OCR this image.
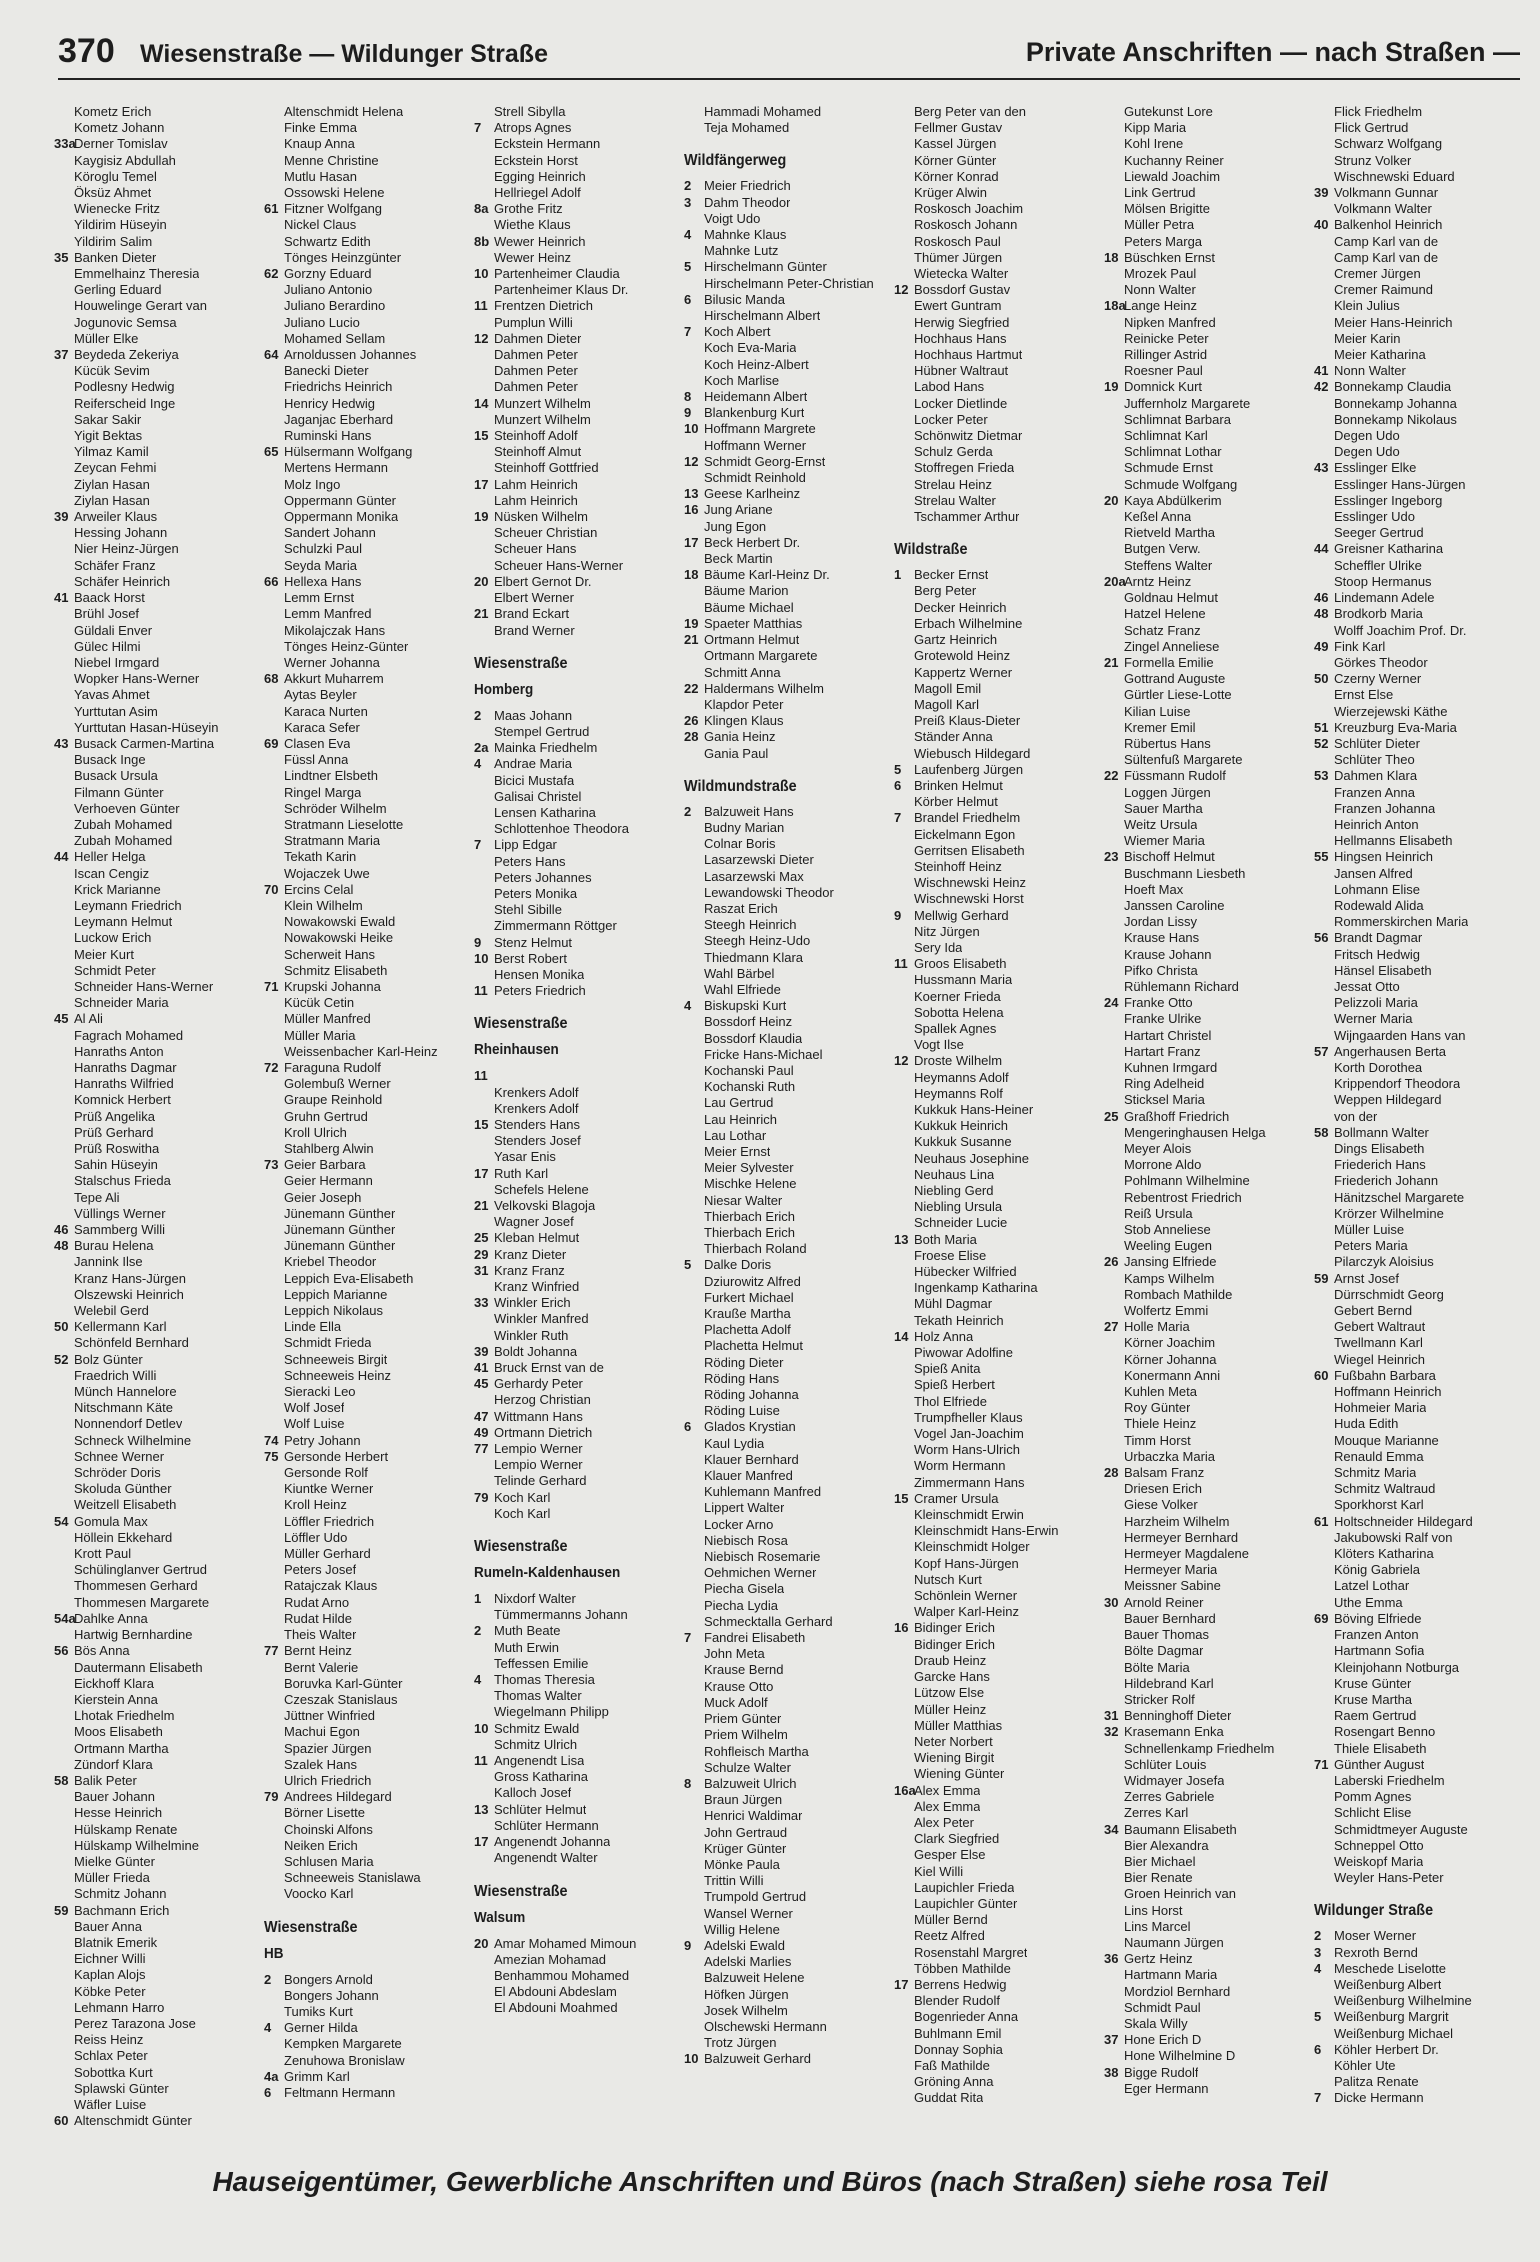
370 Wiesenstraße — Wildunger Straße	Private Anschriften — nach Straßen —
Kometz Erich
Kometz Johann
33a
Derner Tomislav
Kaygisiz Abdullah
Köroglu Temel
Öksüz Ahmet
Wienecke Fritz
Yildirim Hüseyin
Yildirim Salim
35 Banken Dieter
Emmelhainz Theresia
Gerling Eduard
Houwelinge Gerart van
Jogunovic Semsa
Müller Elke
37 Beydeda Zekeriya
Kücük Sevim
Podlesny Hedwig
Reiferscheid Inge
Sakar Sakir
Yigit Bektas
Yilmaz Kamil
Zeycan Fehmi
Ziylan Hasan
Ziylan Hasan
39 Arweiler Klaus
Hessing Johann
Nier Heinz-Jürgen
Schäfer Franz
Schäfer Heinrich
41 Baack Horst
Brühl Josef
Güldali Enver
Gülec Hilmi
Niebel Irmgard
Wopker Hans-Werner
Yavas Ahmet
Yurttutan Asim
Yurttutan Hasan-Hüseyin
43 Busack Carmen-Martina
Busack Inge
Busack Ursula
Filmann Günter
Verhoeven Günter
Zubah Mohamed
Zubah Mohamed
44 Heller Helga
Iscan Cengiz
Krick Marianne
Leymann Friedrich
Leymann Helmut
Luckow Erich
Meier Kurt
Schmidt Peter
Schneider Hans-Werner
Schneider Maria
45 Al Ali
Fagrach Mohamed
Hanraths Anton
Hanraths Dagmar
Hanraths Wilfried
Komnick Herbert
Prüß Angelika
Prüß Gerhard
Prüß Roswitha
Sahin Hüseyin
Stalschus Frieda
Tepe Ali
Vüllings Werner
46 Sammberg Willi
48 Burau Helena
Jannink Ilse
Kranz Hans-Jürgen
Olszewski Heinrich
Welebil Gerd
50 Kellermann Karl
Schönfeld Bernhard
52 Bolz Günter
Fraedrich Willi
Münch Hannelore
Nitschmann Käte
Nonnendorf Detlev
Schneck Wilhelmine
Schnee Werner
Schröder Doris
Skoluda Günther
Weitzell Elisabeth
54 Gomula Max
Höllein Ekkehard
Krott Paul
Schülinglanver Gertrud
Thommesen Gerhard
Thommesen Margarete
54a
Dahlke Anna
Hartwig Bernhardine
56 Bös Anna
Dautermann Elisabeth
Eickhoff Klara
Kierstein Anna
Lhotak Friedhelm
Moos Elisabeth
Ortmann Martha
Zündorf Klara
58 Balik Peter
Bauer Johann
Hesse Heinrich
Hülskamp Renate
Hülskamp Wilhelmine
Mielke Günter
Müller Frieda
Schmitz Johann
59 Bachmann Erich
Bauer Anna
Blatnik Emerik
Eichner Willi
Kaplan Alojs
Köbke Peter
Lehmann Harro
Perez Tarazona Jose
Reiss Heinz
Schlax Peter
Sobottka Kurt
Splawski Günter
Wäfler Luise
60 Altenschmidt Günter
Altenschmidt Helena
Finke Emma
Knaup Anna
Menne Christine
Mutlu Hasan
Ossowski Helene
61 Fitzner Wolfgang
Nickel Claus
Schwartz Edith
Tönges Heinzgünter
62 Gorzny Eduard
Juliano Antonio
Juliano Berardino
Juliano Lucio
Mohamed Sellam
64 Arnoldussen Johannes
Banecki Dieter
Friedrichs Heinrich
Henricy Hedwig
Jaganjac Eberhard
Ruminski Hans
65 Hülsermann Wolfgang
Mertens Hermann
Molz Ingo
Oppermann Günter
Oppermann Monika
Sandert Johann
Schulzki Paul
Seyda Maria
66 Hellexa Hans
Lemm Ernst
Lemm Manfred
Mikolajczak Hans
Tönges Heinz-Günter
Werner Johanna
68 Akkurt Muharrem
Aytas Beyler
Karaca Nurten
Karaca Sefer
69 Clasen Eva
Füssl Anna
Lindtner Elsbeth
Ringel Marga
Schröder Wilhelm
Stratmann Lieselotte
Stratmann Maria
Tekath Karin
Wojaczek Uwe
70 Ercins Celal
Klein Wilhelm
Nowakowski Ewald
Nowakowski Heike
Scherweit Hans
Schmitz Elisabeth
71 Krupski Johanna
Kücük Cetin
Müller Manfred
Müller Maria
Weissenbacher Karl-Heinz
72 Faraguna Rudolf
Golembuß Werner
Graupe Reinhold
Gruhn Gertrud
Kroll Ulrich
Stahlberg Alwin
73 Geier Barbara
Geier Hermann
Geier Joseph
Jünemann Günther
Jünemann Günther
Jünemann Günther
Kriebel Theodor
Leppich Eva-Elisabeth
Leppich Marianne
Leppich Nikolaus
Linde Ella
Schmidt Frieda
Schneeweis Birgit
Schneeweis Heinz
Sieracki Leo
Wolf Josef
Wolf Luise
74 Petry Johann
75 Gersonde Herbert
Gersonde Rolf
Kiuntke Werner
Kroll Heinz
Löffler Friedrich
Löffler Udo
Müller Gerhard
Peters Josef
Ratajczak Klaus
Rudat Arno
Rudat Hilde
Theis Walter
77 Bernt Heinz
Bernt Valerie
Boruvka Karl-Günter
Czeszak Stanislaus
Jüttner Winfried
Machui Egon
Spazier Jürgen
Szalek Hans
Ulrich Friedrich
79 Andrees Hildegard
Börner Lisette
Choinski Alfons
Neiken Erich
Schlusen Maria
Schneeweis Stanislawa
Voocko Karl
Wiesenstraße
HB
2 Bongers Arnold
Bongers Johann
Tumiks Kurt
4 Gerner Hilda
Kempken Margarete
Zenuhowa Bronislaw
4a Grimm Karl
6 Feltmann Hermann
Strell Sibylla
7 Atrops Agnes
Eckstein Hermann
Eckstein Horst
Egging Heinrich
Hellriegel Adolf
8a Grothe Fritz
Wiethe Klaus
8b Wewer Heinrich
Wewer Heinz
10 Partenheimer Claudia
Partenheimer Klaus Dr.
11 Frentzen Dietrich
Pumplun Willi
12 Dahmen Dieter
Dahmen Peter
Dahmen Peter
Dahmen Peter
14 Munzert Wilhelm
Munzert Wilhelm
15 Steinhoff Adolf
Steinhoff Almut
Steinhoff Gottfried
17 Lahm Heinrich
Lahm Heinrich
19 Nüsken Wilhelm
Scheuer Christian
Scheuer Hans
Scheuer Hans-Werner
20 Elbert Gernot Dr.
Elbert Werner
21 Brand Eckart
Brand Werner
Wiesenstraße
Homberg
2 Maas Johann
Stempel Gertrud
2a Mainka Friedhelm
4 Andrae Maria
Bicici Mustafa
Galisai Christel
Lensen Katharina
Schlottenhoe Theodora
7 Lipp Edgar
Peters Hans
Peters Johannes
Peters Monika
Stehl Sibille
Zimmermann Röttger
9 Stenz Helmut
10 Berst Robert
Hensen Monika
11 Peters Friedrich
Wiesenstraße
Rheinhausen
11
Krenkers Adolf
Krenkers Adolf
15 Stenders Hans
Stenders Josef
Yasar Enis
17 Ruth Karl
Schefels Helene
21 Velkovski Blagoja
Wagner Josef
25 Kleban Helmut
29 Kranz Dieter
31 Kranz Franz
Kranz Winfried
33 Winkler Erich
Winkler Manfred
Winkler Ruth
39 Boldt Johanna
41 Bruck Ernst van de
45 Gerhardy Peter
Herzog Christian
47 Wittmann Hans
49 Ortmann Dietrich
77 Lempio Werner
Lempio Werner
Telinde Gerhard
79 Koch Karl
Koch Karl
Wiesenstraße
Rumeln-Kaldenhausen
1 Nixdorf Walter
Tümmermanns Johann
2 Muth Beate
Muth Erwin
Teffessen Emilie
4 Thomas Theresia
Thomas Walter
Wiegelmann Philipp
10 Schmitz Ewald
Schmitz Ulrich
11 Angenendt Lisa
Gross Katharina
Kalloch Josef
13 Schlüter Helmut
Schlüter Hermann
17 Angenendt Johanna
Angenendt Walter
Wiesenstraße
Walsum
20 Amar Mohamed Mimoun
Amezian Mohamad
Benhammou Mohamed
El Abdouni Abdeslam
El Abdouni Moahmed
Hammadi Mohamed
Teja Mohamed
Wildfängerweg
2 Meier Friedrich
3 Dahm Theodor
Voigt Udo
4 Mahnke Klaus
Mahnke Lutz
5 Hirschelmann Günter
Hirschelmann Peter-Christian
6 Bilusic Manda
Hirschelmann Albert
7 Koch Albert
Koch Eva-Maria
Koch Heinz-Albert
Koch Marlise
8 Heidemann Albert
9 Blankenburg Kurt
10 Hoffmann Margrete
Hoffmann Werner
12 Schmidt Georg-Ernst
Schmidt Reinhold
13 Geese Karlheinz
16 Jung Ariane
Jung Egon
17 Beck Herbert Dr.
Beck Martin
18 Bäume Karl-Heinz Dr.
Bäume Marion
Bäume Michael
19 Spaeter Matthias
21 Ortmann Helmut
Ortmann Margarete
Schmitt Anna
22 Haldermans Wilhelm
Klapdor Peter
26 Klingen Klaus
28 Gania Heinz
Gania Paul
Wildmundstraße
2 Balzuweit Hans
Budny Marian
Colnar Boris
Lasarzewski Dieter
Lasarzewski Max
Lewandowski Theodor
Raszat Erich
Steegh Heinrich
Steegh Heinz-Udo
Thiedmann Klara
Wahl Bärbel
Wahl Elfriede
4 Biskupski Kurt
Bossdorf Heinz
Bossdorf Klaudia
Fricke Hans-Michael
Kochanski Paul
Kochanski Ruth
Lau Gertrud
Lau Heinrich
Lau Lothar
Meier Ernst
Meier Sylvester
Mischke Helene
Niesar Walter
Thierbach Erich
Thierbach Erich
Thierbach Roland
5 Dalke Doris
Dziurowitz Alfred
Furkert Michael
Krauße Martha
Plachetta Adolf
Plachetta Helmut
Röding Dieter
Röding Hans
Röding Johanna
Röding Luise
6 Glados Krystian
Kaul Lydia
Klauer Bernhard
Klauer Manfred
Kuhlemann Manfred
Lippert Walter
Locker Arno
Niebisch Rosa
Niebisch Rosemarie
Oehmichen Werner
Piecha Gisela
Piecha Lydia
Schmecktalla Gerhard
7 Fandrei Elisabeth
John Meta
Krause Bernd
Krause Otto
Muck Adolf
Priem Günter
Priem Wilhelm
Rohfleisch Martha
Schulze Walter
8 Balzuweit Ulrich
Braun Jürgen
Henrici Waldimar
John Gertraud
Krüger Günter
Mönke Paula
Trittin Willi
Trumpold Gertrud
Wansel Werner
Willig Helene
9 Adelski Ewald
Adelski Marlies
Balzuweit Helene
Höfken Jürgen
Josek Wilhelm
Olschewski Hermann
Trotz Jürgen
10 Balzuweit Gerhard
Berg Peter van den
Fellmer Gustav
Kassel Jürgen
Körner Günter
Körner Konrad
Krüger Alwin
Roskosch Joachim
Roskosch Johann
Roskosch Paul
Thümer Jürgen
Wietecka Walter
12 Bossdorf Gustav
Ewert Guntram
Herwig Siegfried
Hochhaus Hans
Hochhaus Hartmut
Hübner Waltraut
Labod Hans
Locker Dietlinde
Locker Peter
Schönwitz Dietmar
Schulz Gerda
Stoffregen Frieda
Strelau Heinz
Strelau Walter
Tschammer Arthur
Wildstraße
1 Becker Ernst
Berg Peter
Decker Heinrich
Erbach Wilhelmine
Gartz Heinrich
Grotewold Heinz
Kappertz Werner
Magoll Emil
Magoll Karl
Preiß Klaus-Dieter
Ständer Anna
Wiebusch Hildegard
5 Laufenberg Jürgen
6 Brinken Helmut
Körber Helmut
7 Brandel Friedhelm
Eickelmann Egon
Gerritsen Elisabeth
Steinhoff Heinz
Wischnewski Heinz
Wischnewski Horst
9 Mellwig Gerhard
Nitz Jürgen
Sery Ida
11 Groos Elisabeth
Hussmann Maria
Koerner Frieda
Sobotta Helena
Spallek Agnes
Vogt Ilse
12 Droste Wilhelm
Heymanns Adolf
Heymanns Rolf
Kukkuk Hans-Heiner
Kukkuk Heinrich
Kukkuk Susanne
Neuhaus Josephine
Neuhaus Lina
Niebling Gerd
Niebling Ursula
Schneider Lucie
13 Both Maria
Froese Elise
Hübecker Wilfried
Ingenkamp Katharina
Mühl Dagmar
Tekath Heinrich
14 Holz Anna
Piwowar Adolfine
Spieß Anita
Spieß Herbert
Thol Elfriede
Trumpfheller Klaus
Vogel Jan-Joachim
Worm Hans-Ulrich
Worm Hermann
Zimmermann Hans
15 Cramer Ursula
Kleinschmidt Erwin
Kleinschmidt Hans-Erwin
Kleinschmidt Holger
Kopf Hans-Jürgen
Nutsch Kurt
Schönlein Werner
Walper Karl-Heinz
16 Bidinger Erich
Bidinger Erich
Draub Heinz
Garcke Hans
Lützow Else
Müller Heinz
Müller Matthias
Neter Norbert
Wiening Birgit
Wiening Günter
16a
Alex Emma
Alex Emma
Alex Peter
Clark Siegfried
Gesper Else
Kiel Willi
Laupichler Frieda
Laupichler Günter
Müller Bernd
Reetz Alfred
Rosenstahl Margret
Többen Mathilde
17 Berrens Hedwig
Blender Rudolf
Bogenrieder Anna
Buhlmann Emil
Donnay Sophia
Faß Mathilde
Gröning Anna
Guddat Rita
Gutekunst Lore
Kipp Maria
Kohl Irene
Kuchanny Reiner
Liewald Joachim
Link Gertrud
Mölsen Brigitte
Müller Petra
Peters Marga
18 Büschken Ernst
Mrozek Paul
Nonn Walter
18a
Lange Heinz
Nipken Manfred
Reinicke Peter
Rillinger Astrid
Roesner Paul
19 Domnick Kurt
Juffernholz Margarete
Schlimnat Barbara
Schlimnat Karl
Schlimnat Lothar
Schmude Ernst
Schmude Wolfgang
20 Kaya Abdülkerim
Keßel Anna
Rietveld Martha
Butgen Verw.
Steffens Walter
20a
Arntz Heinz
Goldnau Helmut
Hatzel Helene
Schatz Franz
Zingel Anneliese
21 Formella Emilie
Gottrand Auguste
Gürtler Liese-Lotte
Kilian Luise
Kremer Emil
Rübertus Hans
Sültenfuß Margarete
22 Füssmann Rudolf
Loggen Jürgen
Sauer Martha
Weitz Ursula
Wiemer Maria
23 Bischoff Helmut
Buschmann Liesbeth
Hoeft Max
Janssen Caroline
Jordan Lissy
Krause Hans
Krause Johann
Pifko Christa
Rühlemann Richard
24 Franke Otto
Franke Ulrike
Hartart Christel
Hartart Franz
Kuhnen Irmgard
Ring Adelheid
Sticksel Maria
25 Graßhoff Friedrich
Mengeringhausen Helga
Meyer Alois
Morrone Aldo
Pohlmann Wilhelmine
Rebentrost Friedrich
Reiß Ursula
Stob Anneliese
Weeling Eugen
26 Jansing Elfriede
Kamps Wilhelm
Rombach Mathilde
Wolfertz Emmi
27 Holle Maria
Körner Joachim
Körner Johanna
Konermann Anni
Kuhlen Meta
Roy Günter
Thiele Heinz
Timm Horst
Urbaczka Maria
28 Balsam Franz
Driesen Erich
Giese Volker
Harzheim Wilhelm
Hermeyer Bernhard
Hermeyer Magdalene
Hermeyer Maria
Meissner Sabine
30 Arnold Reiner
Bauer Bernhard
Bauer Thomas
Bölte Dagmar
Bölte Maria
Hildebrand Karl
Stricker Rolf
31 Benninghoff Dieter
32 Krasemann Enka
Schnellenkamp Friedhelm
Schlüter Louis
Widmayer Josefa
Zerres Gabriele
Zerres Karl
34 Baumann Elisabeth
Bier Alexandra
Bier Michael
Bier Renate
Groen Heinrich van
Lins Horst
Lins Marcel
Naumann Jürgen
36 Gertz Heinz
Hartmann Maria
Mordziol Bernhard
Schmidt Paul
Skala Willy
37 Hone Erich D
Hone Wilhelmine D
38 Bigge Rudolf
Eger Hermann
Flick Friedhelm
Flick Gertrud
Schwarz Wolfgang
Strunz Volker
Wischnewski Eduard
39 Volkmann Gunnar
Volkmann Walter
40 Balkenhol Heinrich
Camp Karl van de
Camp Karl van de
Cremer Jürgen
Cremer Raimund
Klein Julius
Meier Hans-Heinrich
Meier Karin
Meier Katharina
41 Nonn Walter
42 Bonnekamp Claudia
Bonnekamp Johanna
Bonnekamp Nikolaus
Degen Udo
Degen Udo
43 Esslinger Elke
Esslinger Hans-Jürgen
Esslinger Ingeborg
Esslinger Udo
Seeger Gertrud
44 Greisner Katharina
Scheffler Ulrike
Stoop Hermanus
46 Lindemann Adele
48 Brodkorb Maria
Wolff Joachim Prof. Dr.
49 Fink Karl
Görkes Theodor
50 Czerny Werner
Ernst Else
Wierzejewski Käthe
51 Kreuzburg Eva-Maria
52 Schlüter Dieter
Schlüter Theo
53 Dahmen Klara
Franzen Anna
Franzen Johanna
Heinrich Anton
Hellmanns Elisabeth
55 Hingsen Heinrich
Jansen Alfred
Lohmann Elise
Rodewald Alida
Rommerskirchen Maria
56 Brandt Dagmar
Fritsch Hedwig
Hänsel Elisabeth
Jessat Otto
Pelizzoli Maria
Werner Maria
Wijngaarden Hans van
57 Angerhausen Berta
Korth Dorothea
Krippendorf Theodora
Weppen Hildegard
von der
58 Bollmann Walter
Dings Elisabeth
Friederich Hans
Friederich Johann
Hänitzschel Margarete
Krörzer Wilhelmine
Müller Luise
Peters Maria
Pilarczyk Aloisius
59 Arnst Josef
Dürrschmidt Georg
Gebert Bernd
Gebert Waltraut
Twellmann Karl
Wiegel Heinrich
60 Fußbahn Barbara
Hoffmann Heinrich
Hohmeier Maria
Huda Edith
Mouque Marianne
Renauld Emma
Schmitz Maria
Schmitz Waltraud
Sporkhorst Karl
61 Holtschneider Hildegard
Jakubowski Ralf von
Klöters Katharina
König Gabriela
Latzel Lothar
Uthe Emma
69 Böving Elfriede
Franzen Anton
Hartmann Sofia
Kleinjohann Notburga
Kruse Günter
Kruse Martha
Raem Gertrud
Rosengart Benno
Thiele Elisabeth
71 Günther August
Laberski Friedhelm
Pomm Agnes
Schlicht Elise
Schmidtmeyer Auguste
Schneppel Otto
Weiskopf Maria
Weyler Hans-Peter
Wildunger Straße
2 Moser Werner
3 Rexroth Bernd
4 Meschede Liselotte
Weißenburg Albert
Weißenburg Wilhelmine
5 Weißenburg Margrit
Weißenburg Michael
6 Köhler Herbert Dr.
Köhler Ute
Palitza Renate
7 Dicke Hermann
Hauseigentümer, Gewerbliche Anschriften und Büros (nach Straßen) siehe rosa Teil
